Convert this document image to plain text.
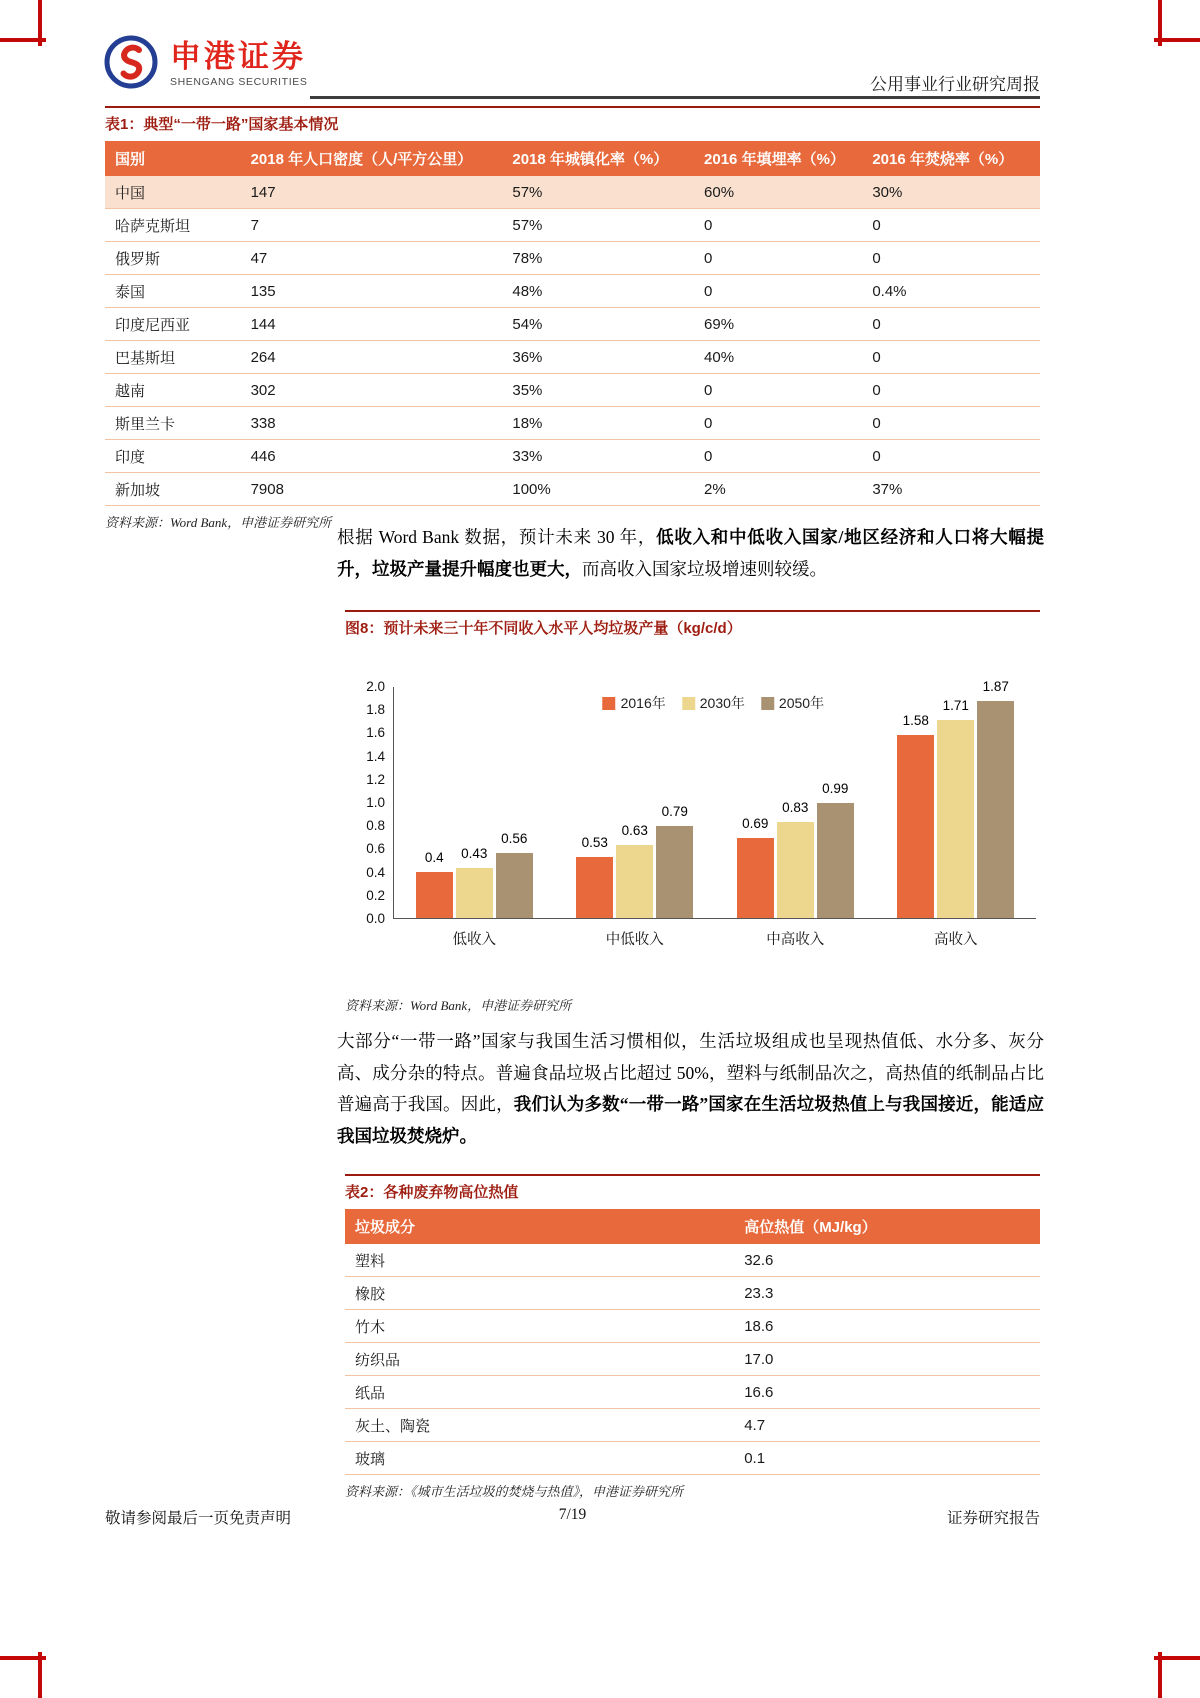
申港证券
SHENGANG SECURITIES	公用事业行业研究周报
表1：典型“一带一路”国家基本情况
国别	2018 年人口密度（人/平方公里）	2018 年城镇化率（%）	2016 年填埋率（%）	2016 年焚烧率（%）
中国	147	57%	60%	30%
哈萨克斯坦	7	57%	0	0
俄罗斯	47	78%	0	0
泰国	135	48%	0	0.4%
印度尼西亚	144	54%	69%	0
巴基斯坦	264	36%	40%	0
越南	302	35%	0	0
斯里兰卡	338	18%	0	0
印度	446	33%	0	0
新加坡	7908	100%	2%	37%
资料来源：Word Bank，申港证券研究所
根据 Word Bank 数据，预计未来 30 年，低收入和中低收入国家/地区经济和人口将大幅提升，垃圾产量提升幅度也更大，而高收入国家垃圾增速则较缓。
图8：预计未来三十年不同收入水平人均垃圾产量（kg/c/d）
0.0
0.2
0.4
0.6
0.8
1.0
1.2
1.4
1.6
1.8
2.0
2016年 2030年 2050年
0.4 0.43
0.56
低收入
0.53
0.63
0.79
中低收入
0.69
0.83
0.99
中高收入
1.58
1.71
1.87
高收入
资料来源：Word Bank，申港证券研究所
大部分“一带一路”国家与我国生活习惯相似，生活垃圾组成也呈现热值低、水分多、灰分高、成分杂的特点。普遍食品垃圾占比超过 50%，塑料与纸制品次之，高热值的纸制品占比普遍高于我国。因此，我们认为多数“一带一路”国家在生活垃圾热值上与我国接近，能适应我国垃圾焚烧炉。
表2：各种废弃物高位热值
垃圾成分	高位热值（MJ/kg）
塑料	32.6
橡胶	23.3
竹木	18.6
纺织品	17.0
纸品	16.6
灰土、陶瓷	4.7
玻璃	0.1
资料来源：《城市生活垃圾的焚烧与热值》，申港证券研究所
敬请参阅最后一页免责声明	7/19	证券研究报告
